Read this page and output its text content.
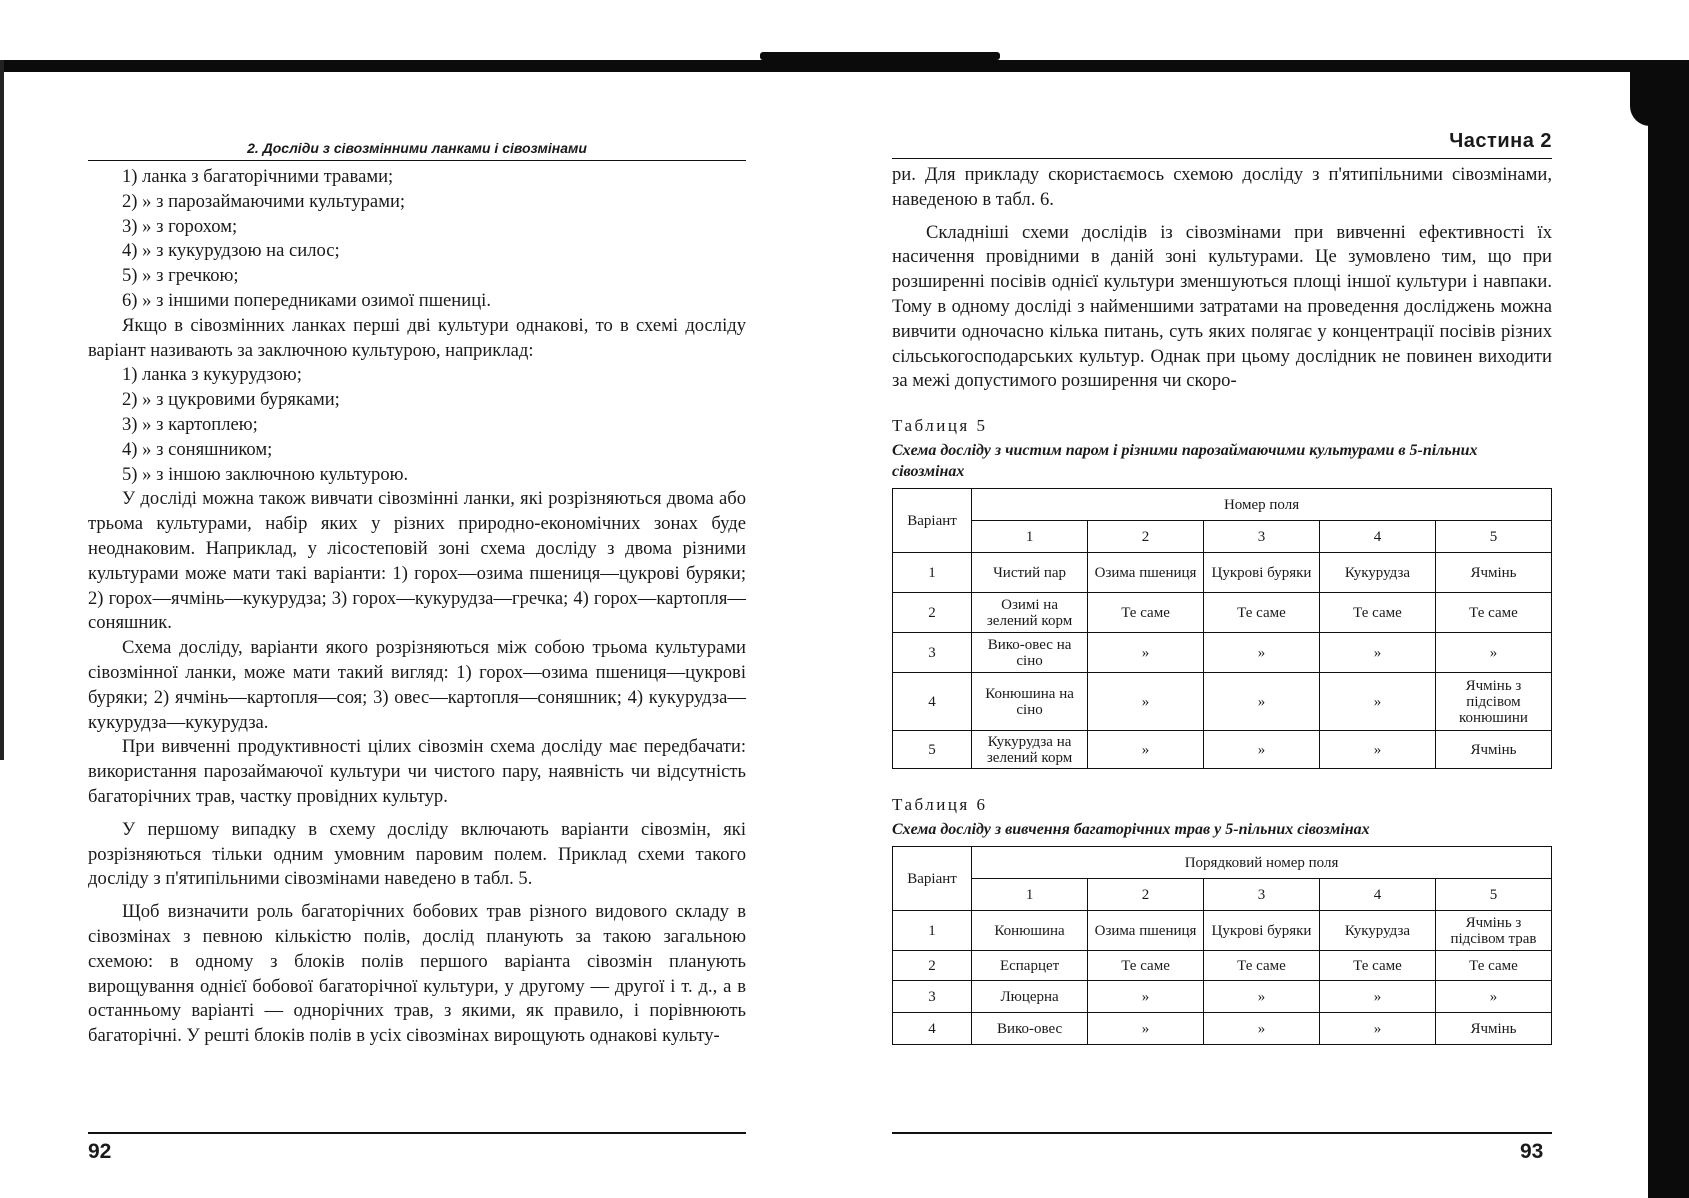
2. Досліди з сівозмінними ланками і сівозмінами

1) ланка з багаторічними травами;

2) » з парозаймаючими культурами;

3) » з горохом;

4) » з кукурудзою на силос;

5) » з гречкою;

6) » з іншими попередниками озимої пшениці.

Якщо в сівозмінних ланках перші дві культури однакові, то в схемі досліду варіант називають за заключною культурою, наприклад:

1) ланка з кукурудзою;

2) » з цукровими буряками;

3) » з картоплею;

4) » з соняшником;

5) » з іншою заключною культурою.

У досліді можна також вивчати сівозмінні ланки, які розрізняються двома або трьома культурами, набір яких у різних природно-економічних зонах буде неоднаковим. Наприклад, у лісостеповій зоні схема досліду з двома різними культурами може мати такі варіанти: 1) горох—озима пшениця—цукрові буряки; 2) горох—ячмінь—кукурудза; 3) горох—кукурудза—гречка; 4) горох—картопля—соняшник.

Схема досліду, варіанти якого розрізняються між собою трьома культурами сівозмінної ланки, може мати такий вигляд: 1) горох—озима пшениця—цукрові буряки; 2) ячмінь—картопля—соя; 3) овес—картопля—соняшник; 4) кукурудза—кукурудза—кукурудза.

При вивченні продуктивності цілих сівозмін схема досліду має передбачати: використання парозаймаючої культури чи чистого пару, наявність чи відсутність багаторічних трав, частку провідних культур.

У першому випадку в схему досліду включають варіанти сівозмін, які розрізняються тільки одним умовним паровим полем. Приклад схеми такого досліду з п'ятипільними сівозмінами наведено в табл. 5.

Щоб визначити роль багаторічних бобових трав різного видового складу в сівозмінах з певною кількістю полів, дослід планують за такою загальною схемою: в одному з блоків полів першого варіанта сівозмін планують вирощування однієї бобової багаторічної культури, у другому — другої і т. д., а в останньому варіанті — однорічних трав, з якими, як правило, і порівнюють багаторічні. У решті блоків полів в усіх сівозмінах вирощують однакові культу-

92
Частина 2

ри. Для прикладу скористаємось схемою досліду з п'ятипільними сівозмінами, наведеною в табл. 6.

Складніші схеми дослідів із сівозмінами при вивченні ефективності їх насичення провідними в даній зоні культурами. Це зумовлено тим, що при розширенні посівів однієї культури зменшуються площі іншої культури і навпаки. Тому в одному досліді з найменшими затратами на проведення досліджень можна вивчити одночасно кілька питань, суть яких полягає у концентрації посівів різних сільськогосподарських культур. Однак при цьому дослідник не повинен виходити за межі допустимого розширення чи скоро-

Таблиця 5
Схема досліду з чистим паром і різними парозаймаючими культурами в 5-пільних сівозмінах
Варіант	Номер поля				
	1	2	3	4	5
1	Чистий пар	Озима пшениця	Цукрові буряки	Кукурудза	Ячмінь
2	Озимі на зелений корм	Те саме	Те саме	Те саме	Те саме
3	Вико-овес на сіно	»	»	»	»
4	Конюшина на сіно	»	»	»	Ячмінь з підсівом конюшини
5	Кукурудза на зелений корм	»	»	»	Ячмінь
Таблиця 6
Схема досліду з вивчення багаторічних трав у 5-пільних сівозмінах
Варіант	Порядковий номер поля				
	1	2	3	4	5
1	Конюшина	Озима пшениця	Цукрові буряки	Кукурудза	Ячмінь з підсівом трав
2	Еспарцет	Те саме	Те саме	Те саме	Те саме
3	Люцерна	»	»	»	»
4	Вико-овес	»	»	»	Ячмінь
93
